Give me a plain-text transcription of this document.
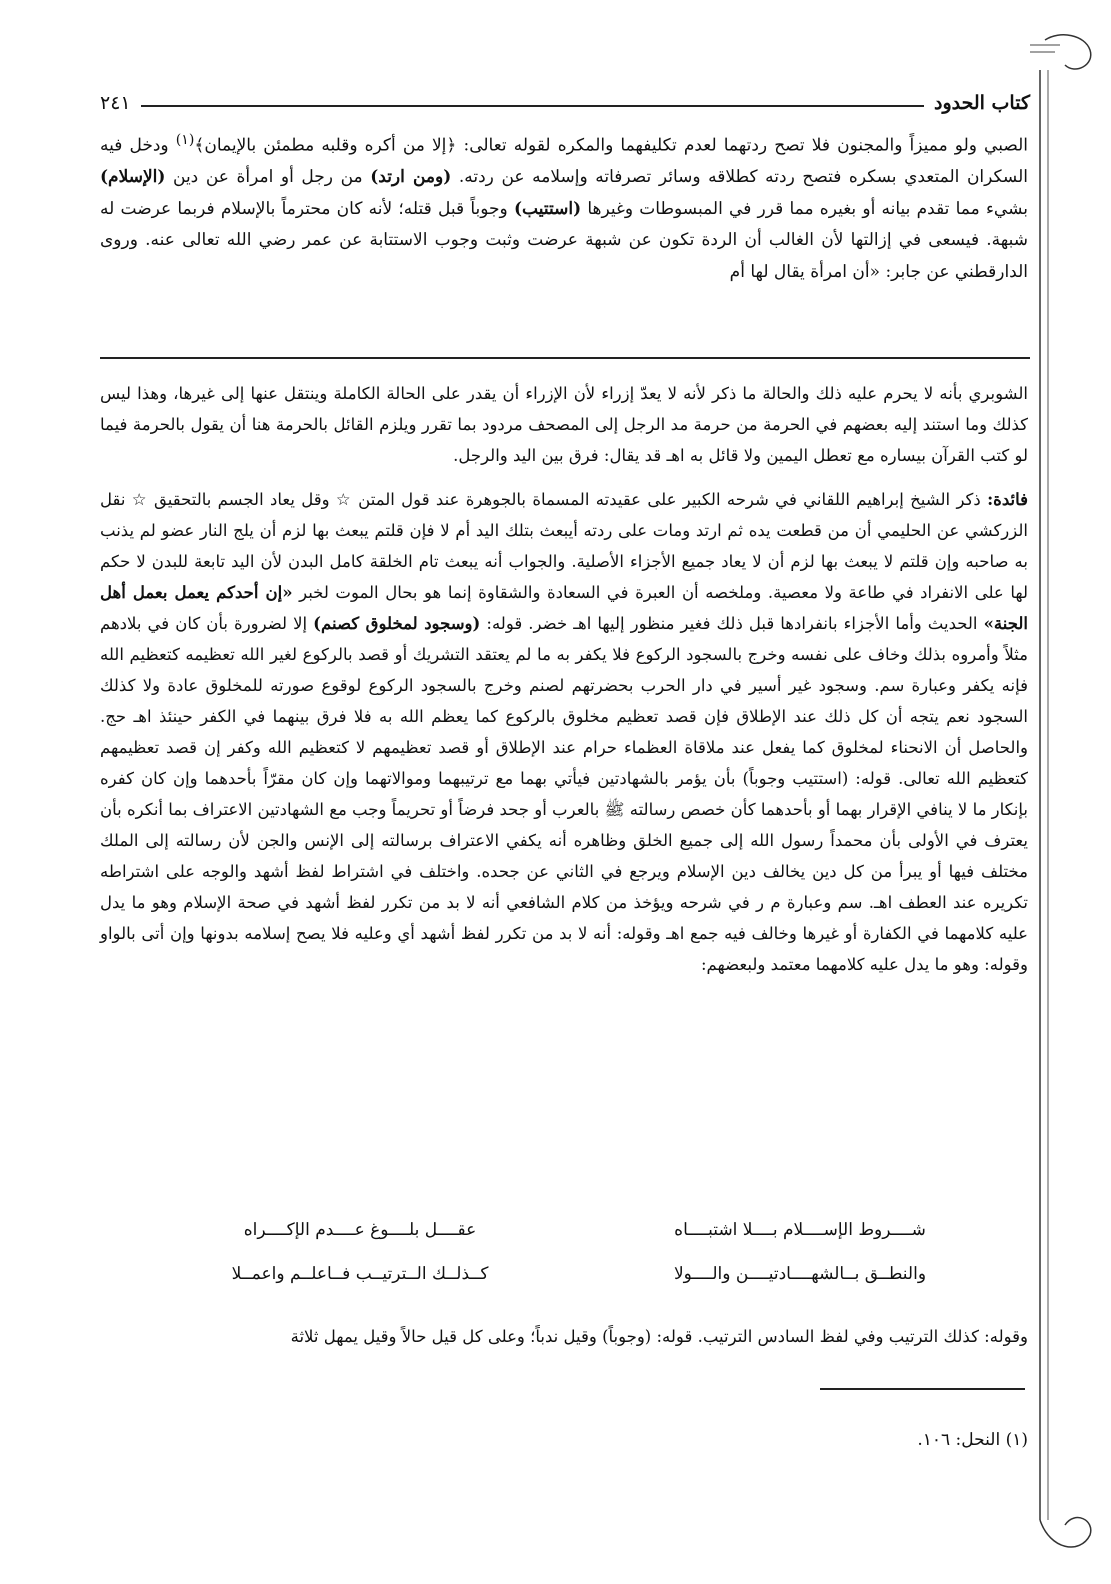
كتاب الحدود
٢٤١

الصبي ولو مميزاً والمجنون فلا تصح ردتهما لعدم تكليفهما والمكره لقوله تعالى: ﴿إلا من أكره وقلبه مطمئن بالإيمان﴾$^{(١)}$ ودخل فيه السكران المتعدي بسكره فتصح ردته كطلاقه وسائر تصرفاته وإسلامه عن ردته. (ومن ارتد) من رجل أو امرأة عن دين (الإسلام) بشيء مما تقدم بيانه أو بغيره مما قرر في المبسوطات وغيرها (استتيب) وجوباً قبل قتله؛ لأنه كان محترماً بالإسلام فربما عرضت له شبهة. فيسعى في إزالتها لأن الغالب أن الردة تكون عن شبهة عرضت وثبت وجوب الاستتابة عن عمر رضي الله تعالى عنه. وروى الدارقطني عن جابر: «أن امرأة يقال لها أم

الشوبري بأنه لا يحرم عليه ذلك والحالة ما ذكر لأنه لا يعدّ إزراء لأن الإزراء أن يقدر على الحالة الكاملة وينتقل عنها إلى غيرها، وهذا ليس كذلك وما استند إليه بعضهم في الحرمة من حرمة مد الرجل إلى المصحف مردود بما تقرر ويلزم القائل بالحرمة هنا أن يقول بالحرمة فيما لو كتب القرآن بيساره مع تعطل اليمين ولا قائل به اهـ قد يقال: فرق بين اليد والرجل.

فائدة: ذكر الشيخ إبراهيم اللقاني في شرحه الكبير على عقيدته المسماة بالجوهرة عند قول المتن ☆ وقل يعاد الجسم بالتحقيق ☆ نقل الزركشي عن الحليمي أن من قطعت يده ثم ارتد ومات على ردته أيبعث بتلك اليد أم لا فإن قلتم يبعث بها لزم أن يلج النار عضو لم يذنب به صاحبه وإن قلتم لا يبعث بها لزم أن لا يعاد جميع الأجزاء الأصلية. والجواب أنه يبعث تام الخلقة كامل البدن لأن اليد تابعة للبدن لا حكم لها على الانفراد في طاعة ولا معصية. وملخصه أن العبرة في السعادة والشقاوة إنما هو بحال الموت لخبر «إن أحدكم يعمل بعمل أهل الجنة» الحديث وأما الأجزاء بانفرادها قبل ذلك فغير منظور إليها اهـ خضر. قوله: (وسجود لمخلوق كصنم) إلا لضرورة بأن كان في بلادهم مثلاً وأمروه بذلك وخاف على نفسه وخرج بالسجود الركوع فلا يكفر به ما لم يعتقد التشريك أو قصد بالركوع لغير الله تعظيمه كتعظيم الله فإنه يكفر وعبارة سم. وسجود غير أسير في دار الحرب بحضرتهم لصنم وخرج بالسجود الركوع لوقوع صورته للمخلوق عادة ولا كذلك السجود نعم يتجه أن كل ذلك عند الإطلاق فإن قصد تعظيم مخلوق بالركوع كما يعظم الله به فلا فرق بينهما في الكفر حينئذ اهـ حج. والحاصل أن الانحناء لمخلوق كما يفعل عند ملاقاة العظماء حرام عند الإطلاق أو قصد تعظيمهم لا كتعظيم الله وكفر إن قصد تعظيمهم كتعظيم الله تعالى. قوله: (استتيب وجوباً) بأن يؤمر بالشهادتين فيأتي بهما مع ترتيبهما وموالاتهما وإن كان مقرّاً بأحدهما وإن كان كفره بإنكار ما لا ينافي الإقرار بهما أو بأحدهما كأن خصص رسالته ﷺ بالعرب أو جحد فرضاً أو تحريماً وجب مع الشهادتين الاعتراف بما أنكره بأن يعترف في الأولى بأن محمداً رسول الله إلى جميع الخلق وظاهره أنه يكفي الاعتراف برسالته إلى الإنس والجن لأن رسالته إلى الملك مختلف فيها أو يبرأ من كل دين يخالف دين الإسلام ويرجع في الثاني عن جحده. واختلف في اشتراط لفظ أشهد والوجه على اشتراطه تكريره عند العطف اهـ. سم وعبارة م ر في شرحه ويؤخذ من كلام الشافعي أنه لا بد من تكرر لفظ أشهد في صحة الإسلام وهو ما يدل عليه كلامهما في الكفارة أو غيرها وخالف فيه جمع اهـ وقوله: أنه لا بد من تكرر لفظ أشهد أي وعليه فلا يصح إسلامه بدونها وإن أتى بالواو وقوله: وهو ما يدل عليه كلامهما معتمد ولبعضهم:

شــــروط الإســــلام بــــلا اشتبــــاه
عقــــل بلــــوغ عــــدم الإكــــراه
والنطــق بــالشهــــادتيــــن والــــولا
كــذلــك الــترتيــب فــاعلــم واعمــلا
وقوله: كذلك الترتيب وفي لفظ السادس الترتيب. قوله: (وجوباً) وقيل ندباً؛ وعلى كل قيل حالاً وقيل يمهل ثلاثة
(١) النحل: ١٠٦.
